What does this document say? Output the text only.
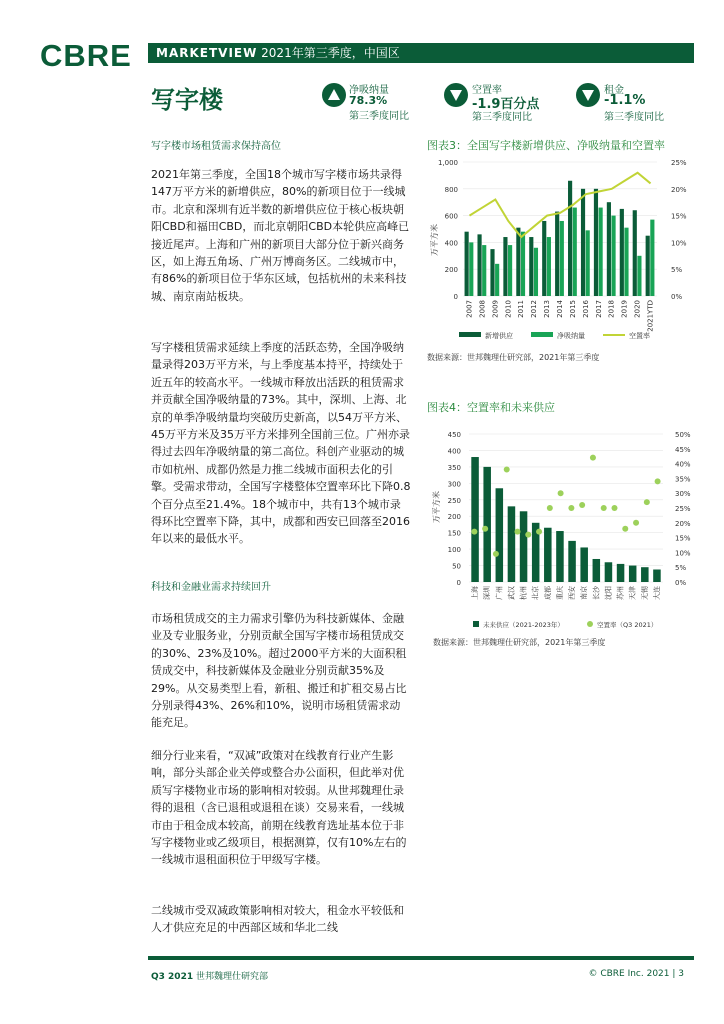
CBRE	MARKETVIEW 2021年第三季度，中国区
写字楼	净吸纳量
78.3%
第三季度同比
空置率
-1.9百分点
第三季度同比
租金
-1.1%
第三季度同比
写字楼市场租赁需求保持高位
2021年第三季度，全国18个城市写字楼市场共录得147万平方米的新增供应，80%的新项目位于一线城市。北京和深圳有近半数的新增供应位于核心板块朝阳CBD和福田CBD，而北京朝阳CBD本轮供应高峰已接近尾声。上海和广州的新项目大部分位于新兴商务区，如上海五角场、广州万博商务区。二线城市中，有86%的新项目位于华东区域，包括杭州的未来科技城、南京南站板块。
写字楼租赁需求延续上季度的活跃态势，全国净吸纳量录得203万平方米，与上季度基本持平，持续处于近五年的较高水平。一线城市释放出活跃的租赁需求并贡献全国净吸纳量的73%。其中，深圳、上海、北京的单季净吸纳量均突破历史新高，以54万平方米、45万平方米及35万平方米排列全国前三位。广州亦录得过去四年净吸纳量的第二高位。科创产业驱动的城市如杭州、成都仍然是力推二线城市面积去化的引擎。受需求带动，全国写字楼整体空置率环比下降0.8个百分点至21.4%。18个城市中，共有13个城市录得环比空置率下降，其中，成都和西安已回落至2016年以来的最低水平。
科技和金融业需求持续回升
市场租赁成交的主力需求引擎仍为科技新媒体、金融业及专业服务业，分别贡献全国写字楼市场租赁成交的30%、23%及10%。超过2000平方米的大面积租赁成交中，科技新媒体及金融业分别贡献35%及29%。从交易类型上看，新租、搬迁和扩租交易占比分别录得43%、26%和10%，说明市场租赁需求动能充足。
细分行业来看，“双减”政策对在线教育行业产生影响，部分头部企业关停或整合办公面积，但此举对优质写字楼物业市场的影响相对较弱。从世邦魏理仕录得的退租（含已退租或退租在谈）交易来看，一线城市由于租金成本较高，前期在线教育选址基本位于非写字楼物业或乙级项目，根据测算，仅有10%左右的一线城市退租面积位于甲级写字楼。
二线城市受双减政策影响相对较大，租金水平较低和人才供应充足的中西部区域和华北二线
图表3：全国写字楼新增供应、净吸纳量和空置率
万平方米
0
200
400
600
800
1,000
0%
5%
10%
15%
20%
25%
2007 2008 2009 2010 2011 2012 2013 2014 2015 2016 2017 2018 2019 2020 2021YTD
新增供应	净吸纳量	空置率
数据来源：世邦魏理仕研究部，2021年第三季度
图表4：空置率和未来供应
万平方米
0
50
100
150
200
250
300
350
400
450
0%
5%
10%
15%
20%
25%
30%
35%
40%
45%
50%
上海 深圳 广州 武汉 杭州 北京 成都 重庆 西安 南京 长沙 沈阳 苏州 天津 无锡 大连
未来供应（2021-2023年）	空置率（Q3 2021）
数据来源：世邦魏理仕研究部，2021年第三季度
Q3 2021 世邦魏理仕研究部	© CBRE Inc. 2021 | 3
